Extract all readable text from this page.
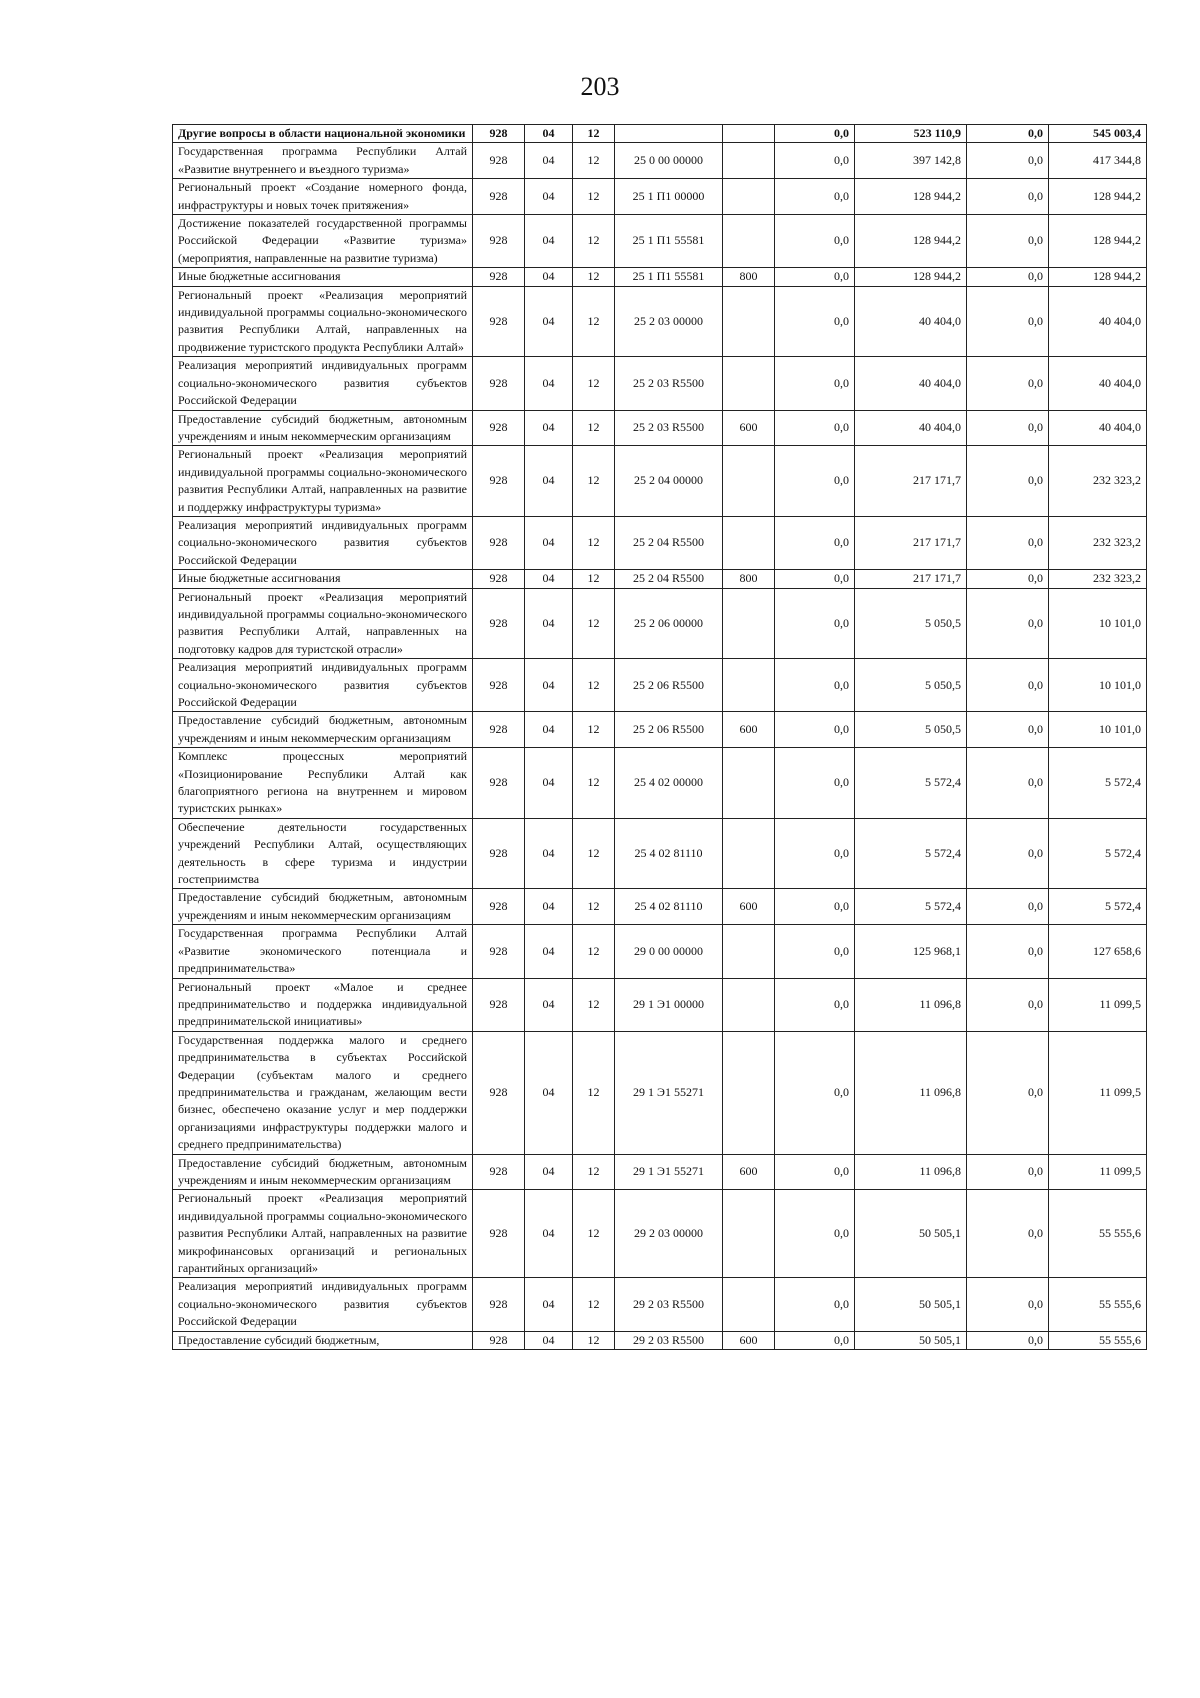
203
Другие вопросы в области национальной экономики	928	04	12			0,0	523 110,9	0,0	545 003,4
Государственная программа Республики Алтай «Развитие внутреннего и въездного туризма»	928	04	12	25 0 00 00000		0,0	397 142,8	0,0	417 344,8
Региональный проект «Создание номерного фонда, инфраструктуры и новых точек притяжения»	928	04	12	25 1 П1 00000		0,0	128 944,2	0,0	128 944,2
Достижение показателей государственной программы Российской Федерации «Развитие туризма» (мероприятия, направленные на развитие туризма)	928	04	12	25 1 П1 55581		0,0	128 944,2	0,0	128 944,2
Иные бюджетные ассигнования	928	04	12	25 1 П1 55581	800	0,0	128 944,2	0,0	128 944,2
Региональный проект «Реализация мероприятий индивидуальной программы социально-экономического развития Республики Алтай, направленных на продвижение туристского продукта Республики Алтай»	928	04	12	25 2 03 00000		0,0	40 404,0	0,0	40 404,0
Реализация мероприятий индивидуальных программ социально-экономического развития субъектов Российской Федерации	928	04	12	25 2 03 R5500		0,0	40 404,0	0,0	40 404,0
Предоставление субсидий бюджетным, автономным учреждениям и иным некоммерческим организациям	928	04	12	25 2 03 R5500	600	0,0	40 404,0	0,0	40 404,0
Региональный проект «Реализация мероприятий индивидуальной программы социально-экономического развития Республики Алтай, направленных на развитие и поддержку инфраструктуры туризма»	928	04	12	25 2 04 00000		0,0	217 171,7	0,0	232 323,2
Реализация мероприятий индивидуальных программ социально-экономического развития субъектов Российской Федерации	928	04	12	25 2 04 R5500		0,0	217 171,7	0,0	232 323,2
Иные бюджетные ассигнования	928	04	12	25 2 04 R5500	800	0,0	217 171,7	0,0	232 323,2
Региональный проект «Реализация мероприятий индивидуальной программы социально-экономического развития Республики Алтай, направленных на подготовку кадров для туристской отрасли»	928	04	12	25 2 06 00000		0,0	5 050,5	0,0	10 101,0
Реализация мероприятий индивидуальных программ социально-экономического развития субъектов Российской Федерации	928	04	12	25 2 06 R5500		0,0	5 050,5	0,0	10 101,0
Предоставление субсидий бюджетным, автономным учреждениям и иным некоммерческим организациям	928	04	12	25 2 06 R5500	600	0,0	5 050,5	0,0	10 101,0
Комплекс процессных мероприятий «Позиционирование Республики Алтай как благоприятного региона на внутреннем и мировом туристских рынках»	928	04	12	25 4 02 00000		0,0	5 572,4	0,0	5 572,4
Обеспечение деятельности государственных учреждений Республики Алтай, осуществляющих деятельность в сфере туризма и индустрии гостеприимства	928	04	12	25 4 02 81110		0,0	5 572,4	0,0	5 572,4
Предоставление субсидий бюджетным, автономным учреждениям и иным некоммерческим организациям	928	04	12	25 4 02 81110	600	0,0	5 572,4	0,0	5 572,4
Государственная программа Республики Алтай «Развитие экономического потенциала и предпринимательства»	928	04	12	29 0 00 00000		0,0	125 968,1	0,0	127 658,6
Региональный проект «Малое и среднее предпринимательство и поддержка индивидуальной предпринимательской инициативы»	928	04	12	29 1 Э1 00000		0,0	11 096,8	0,0	11 099,5
Государственная поддержка малого и среднего предпринимательства в субъектах Российской Федерации (субъектам малого и среднего предпринимательства и гражданам, желающим вести бизнес, обеспечено оказание услуг и мер поддержки организациями инфраструктуры поддержки малого и среднего предпринимательства)	928	04	12	29 1 Э1 55271		0,0	11 096,8	0,0	11 099,5
Предоставление субсидий бюджетным, автономным учреждениям и иным некоммерческим организациям	928	04	12	29 1 Э1 55271	600	0,0	11 096,8	0,0	11 099,5
Региональный проект «Реализация мероприятий индивидуальной программы социально-экономического развития Республики Алтай, направленных на развитие микрофинансовых организаций и региональных гарантийных организаций»	928	04	12	29 2 03 00000		0,0	50 505,1	0,0	55 555,6
Реализация мероприятий индивидуальных программ социально-экономического развития субъектов Российской Федерации	928	04	12	29 2 03 R5500		0,0	50 505,1	0,0	55 555,6
Предоставление субсидий бюджетным,	928	04	12	29 2 03 R5500	600	0,0	50 505,1	0,0	55 555,6
